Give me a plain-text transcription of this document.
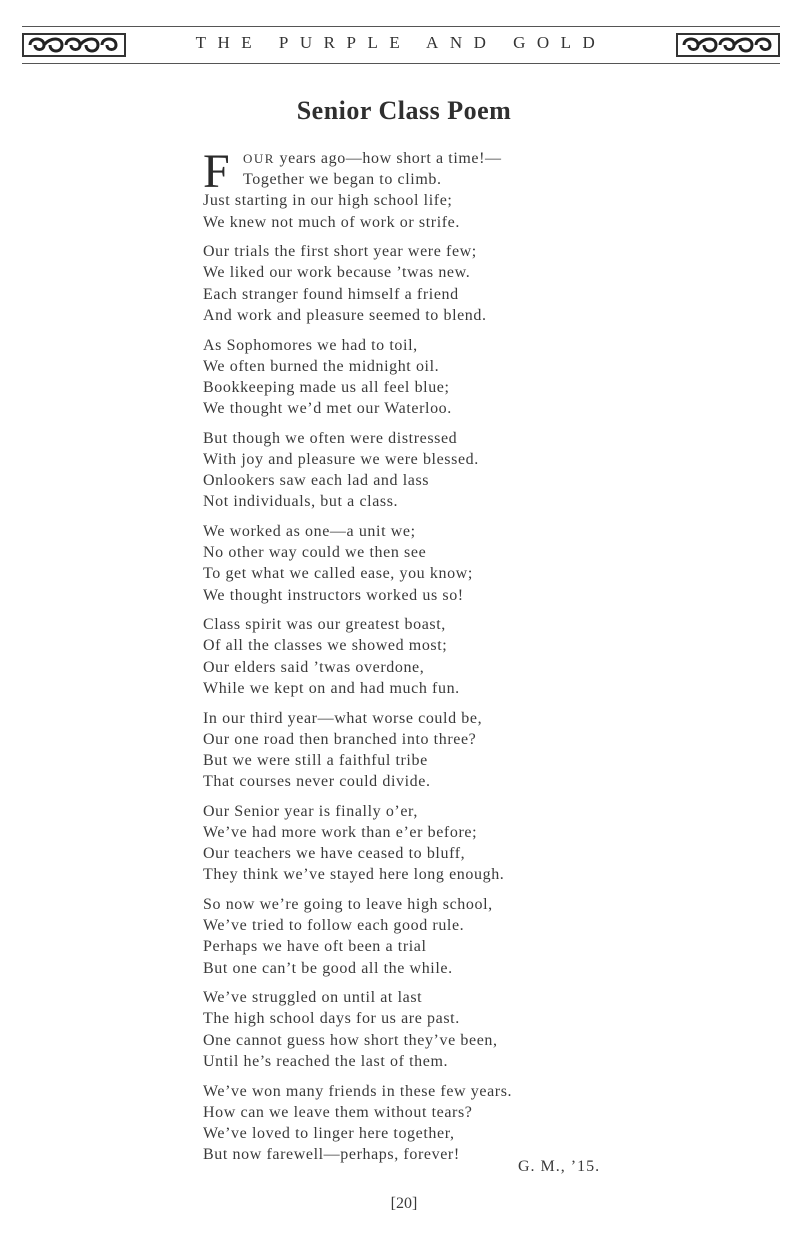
THE PURPLE AND GOLD
Senior Class Poem
F	OUR years ago—how short a time!—
Together we began to climb.
Just starting in our high school life;
We knew not much of work or strife.
Our trials the first short year were few;
We liked our work because ’twas new.
Each stranger found himself a friend
And work and pleasure seemed to blend.
As Sophomores we had to toil,
We often burned the midnight oil.
Bookkeeping made us all feel blue;
We thought we’d met our Waterloo.
But though we often were distressed
With joy and pleasure we were blessed.
Onlookers saw each lad and lass
Not individuals, but a class.
We worked as one—a unit we;
No other way could we then see
To get what we called ease, you know;
We thought instructors worked us so!
Class spirit was our greatest boast,
Of all the classes we showed most;
Our elders said ’twas overdone,
While we kept on and had much fun.
In our third year—what worse could be,
Our one road then branched into three?
But we were still a faithful tribe
That courses never could divide.
Our Senior year is finally o’er,
We’ve had more work than e’er before;
Our teachers we have ceased to bluff,
They think we’ve stayed here long enough.
So now we’re going to leave high school,
We’ve tried to follow each good rule.
Perhaps we have oft been a trial
But one can’t be good all the while.
We’ve struggled on until at last
The high school days for us are past.
One cannot guess how short they’ve been,
Until he’s reached the last of them.
We’ve won many friends in these few years.
How can we leave them without tears?
We’ve loved to linger here together,
But now farewell—perhaps, forever!
G. M., ’15.
[20]
